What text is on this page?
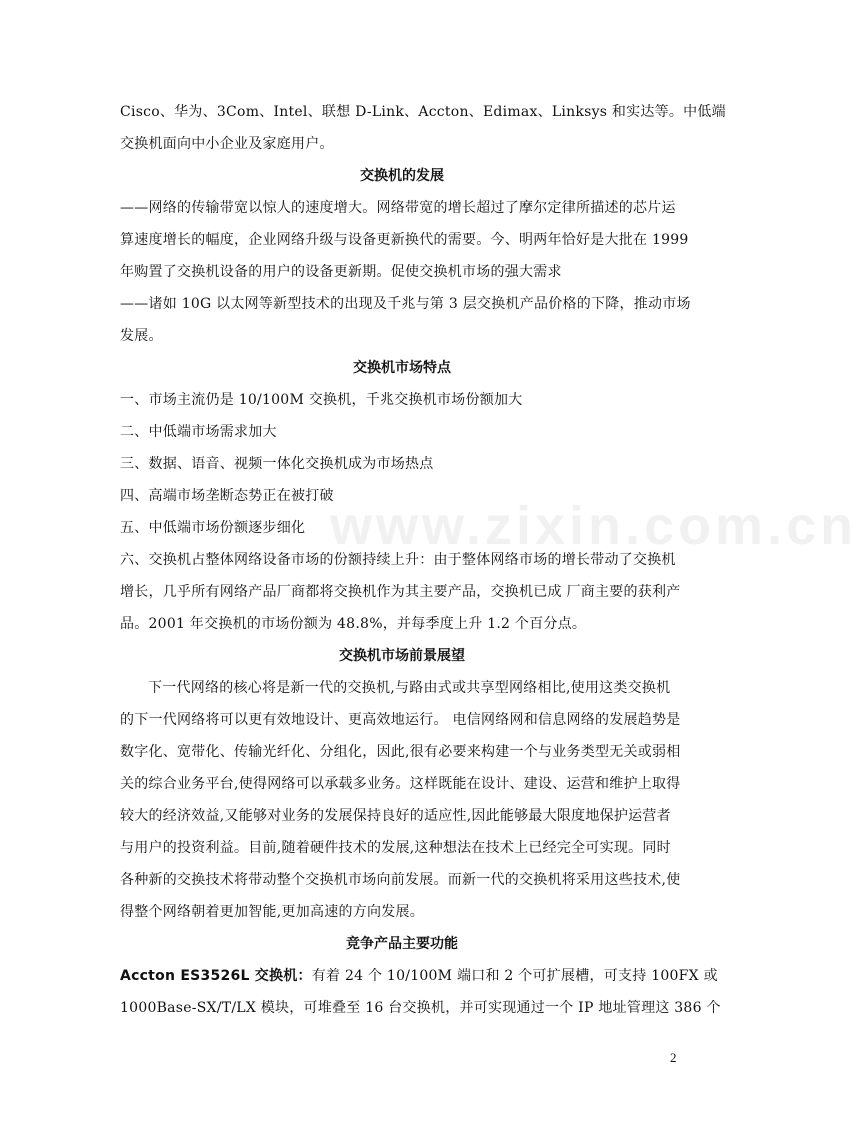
www.zixin.com.cn
Cisco、华为、3Com、Intel、联想 D-Link、Accton、Edimax、Linksys 和实达等。中低端
交换机面向中小企业及家庭用户。
交换机的发展
——网络的传输带宽以惊人的速度增大。网络带宽的增长超过了摩尔定律所描述的芯片运
算速度增长的幅度，企业网络升级与设备更新换代的需要。今、明两年恰好是大批在 1999
年购置了交换机设备的用户的设备更新期。促使交换机市场的强大需求
——诸如 10G 以太网等新型技术的出现及千兆与第 3 层交换机产品价格的下降，推动市场
发展。
交换机市场特点
一、市场主流仍是 10/100M 交换机，千兆交换机市场份额加大
二、中低端市场需求加大
三、数据、语音、视频一体化交换机成为市场热点
四、高端市场垄断态势正在被打破
五、中低端市场份额逐步细化
六、交换机占整体网络设备市场的份额持续上升：由于整体网络市场的增长带动了交换机
增长，几乎所有网络产品厂商都将交换机作为其主要产品，交换机已成 厂商主要的获利产
品。2001 年交换机的市场份额为 48.8%，并每季度上升 1.2 个百分点。
交换机市场前景展望
下一代网络的核心将是新一代的交换机,与路由式或共享型网络相比,使用这类交换机
的下一代网络将可以更有效地设计、更高效地运行。 电信网络网和信息网络的发展趋势是
数字化、宽带化、传输光纤化、分组化，因此,很有必要来构建一个与业务类型无关或弱相
关的综合业务平台,使得网络可以承载多业务。这样既能在设计、建设、运营和维护上取得
较大的经济效益,又能够对业务的发展保持良好的适应性,因此能够最大限度地保护运营者
与用户的投资利益。目前,随着硬件技术的发展,这种想法在技术上已经完全可实现。同时
各种新的交换技术将带动整个交换机市场向前发展。而新一代的交换机将采用这些技术,使
得整个网络朝着更加智能,更加高速的方向发展。
竞争产品主要功能
Accton ES3526L 交换机：有着 24 个 10/100M 端口和 2 个可扩展槽，可支持 100FX 或
1000Base-SX/T/LX 模块，可堆叠至 16 台交换机，并可实现通过一个 IP 地址管理这 386 个
2
